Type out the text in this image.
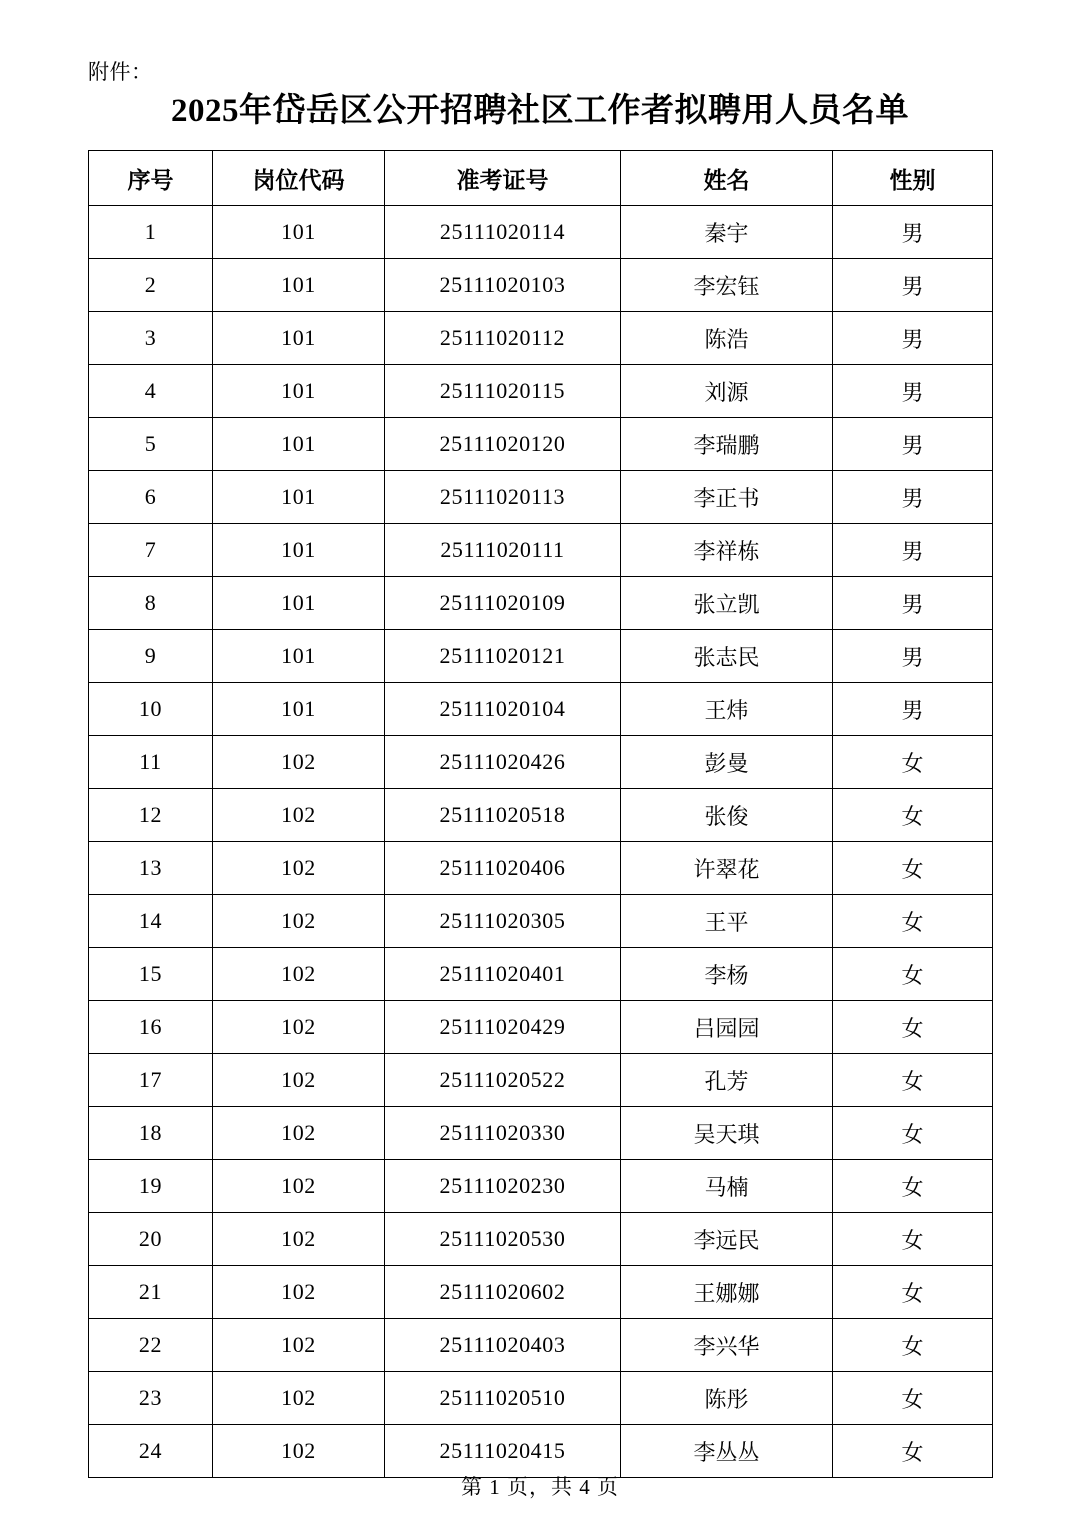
附件：
2025年岱岳区公开招聘社区工作者拟聘用人员名单
序号	岗位代码	准考证号	姓名	性别
1	101	25111020114	秦宇	男
2	101	25111020103	李宏钰	男
3	101	25111020112	陈浩	男
4	101	25111020115	刘源	男
5	101	25111020120	李瑞鹏	男
6	101	25111020113	李正书	男
7	101	25111020111	李祥栋	男
8	101	25111020109	张立凯	男
9	101	25111020121	张志民	男
10	101	25111020104	王炜	男
11	102	25111020426	彭曼	女
12	102	25111020518	张俊	女
13	102	25111020406	许翠花	女
14	102	25111020305	王平	女
15	102	25111020401	李杨	女
16	102	25111020429	吕园园	女
17	102	25111020522	孔芳	女
18	102	25111020330	吴天琪	女
19	102	25111020230	马楠	女
20	102	25111020530	李远民	女
21	102	25111020602	王娜娜	女
22	102	25111020403	李兴华	女
23	102	25111020510	陈彤	女
24	102	25111020415	李丛丛	女
第 1 页，共 4 页
